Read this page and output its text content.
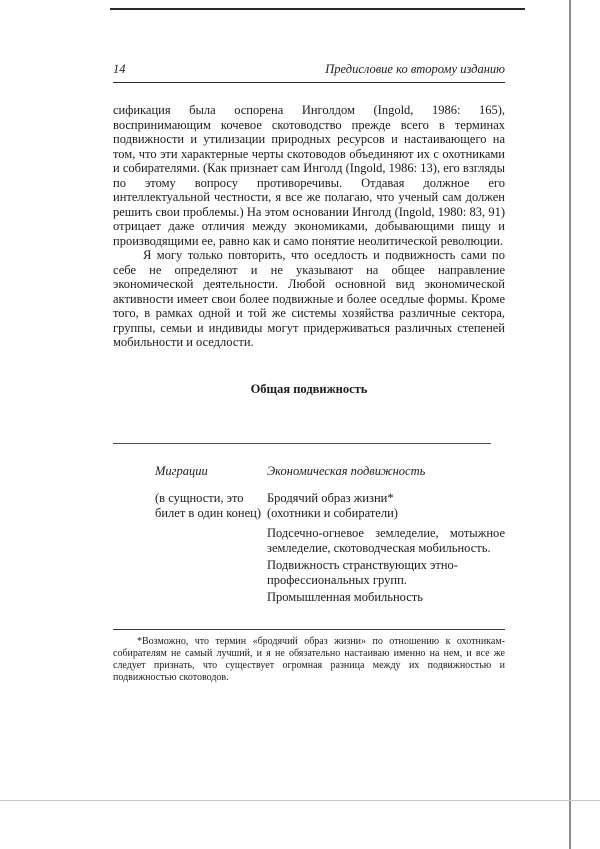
14	Предисловие ко второму изданию

сификация была оспорена Инголдом (Ingold, 1986: 165), воспринимающим кочевое скотоводство прежде всего в терминах подвижности и утилизации природных ресурсов и настаивающего на том, что эти характерные черты скотоводов объединяют их с охотниками и собирателями. (Как признает сам Инголд (Ingold, 1986: 13), его взгляды по этому вопросу противоречивы. Отдавая должное его интеллектуальной честности, я все же полагаю, что ученый сам должен решить свои проблемы.) На этом основании Инголд (Ingold, 1980: 83, 91) отрицает даже отличия между экономиками, добывающими пищу и производящими ее, равно как и само понятие неолитической революции.

Я могу только повторить, что оседлость и подвижность сами по себе не определяют и не указывают на общее направление экономической деятельности. Любой основной вид экономической активности имеет свои более подвижные и более оседлые формы. Кроме того, в рамках одной и той же системы хозяйства различные сектора, группы, семьи и индивиды могут придерживаться различных степеней мобильности и оседлости.

Общая подвижность
Миграции
(в сущности, это билет в один конец)
Экономическая подвижность

Бродячий образ жизни*

(охотники и собиратели)

Подсечно-огневое земледелие, мотыжное земледелие, скотоводческая мобильность.

Подвижность странствующих этно-профессиональных групп.

Промышленная мобильность

*Возможно, что термин «бродячий образ жизни» по отношению к охотникам-собирателям не самый лучший, и я не обязательно настаиваю именно на нем, и все же следует признать, что существует огромная разница между их подвижностью и подвижностью скотоводов.
